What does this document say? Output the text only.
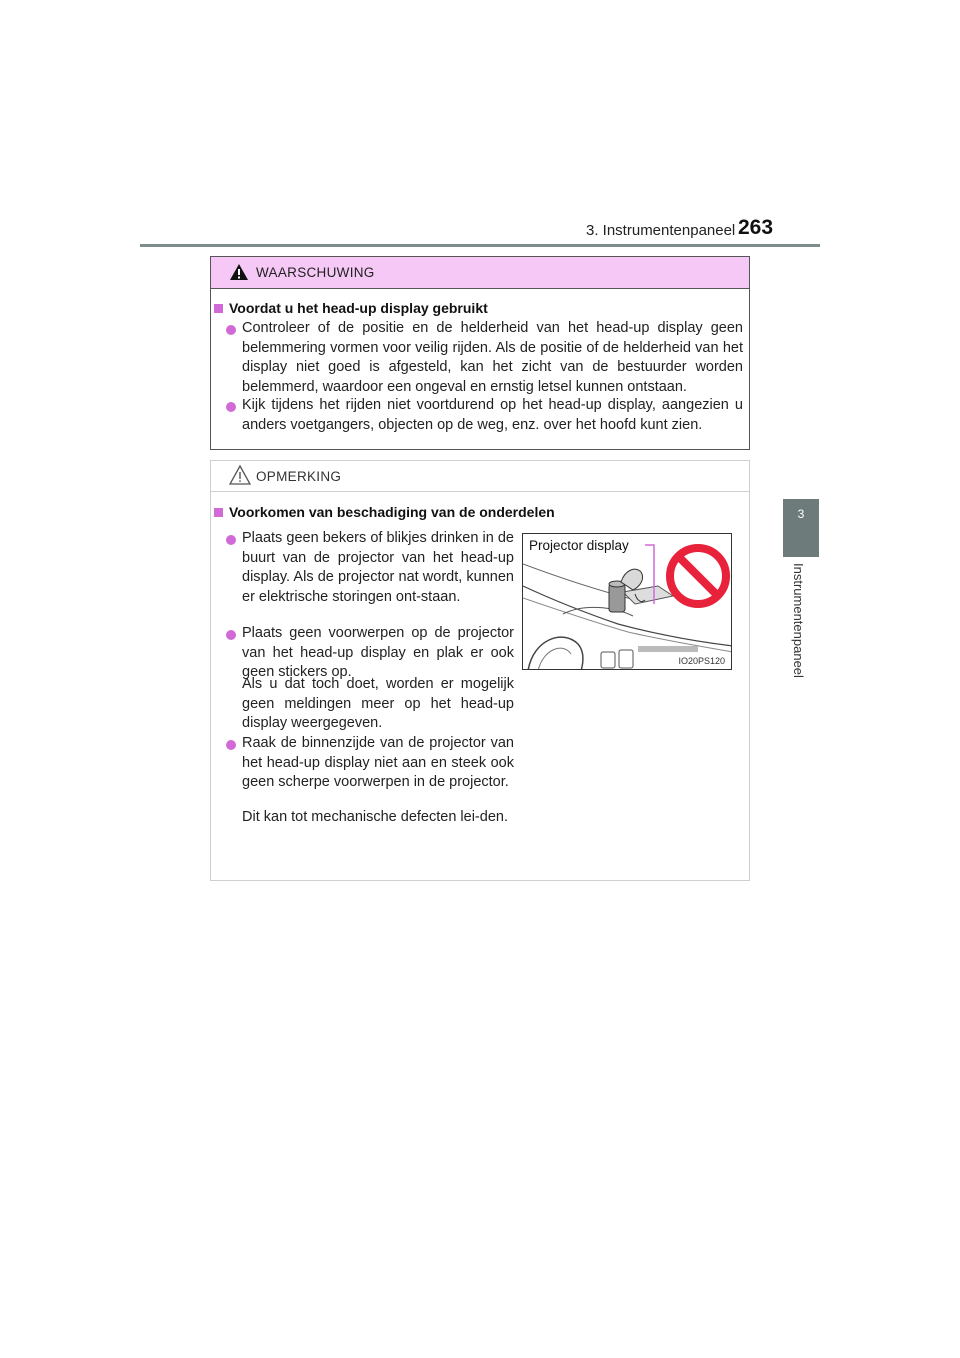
3. Instrumentenpaneel 263
3
Instrumentenpaneel
WAARSCHUWING
Voordat u het head-up display gebruikt
Controleer of de positie en de helderheid van het head-up display geen belemmering vormen voor veilig rijden. Als de positie of de helderheid van het display niet goed is afgesteld, kan het zicht van de bestuurder worden belemmerd, waardoor een ongeval en ernstig letsel kunnen ontstaan.
Kijk tijdens het rijden niet voortdurend op het head-up display, aangezien u anders voetgangers, objecten op de weg, enz. over het hoofd kunt zien.
OPMERKING
Voorkomen van beschadiging van de onderdelen
Plaats geen bekers of blikjes drinken in de buurt van de projector van het head-up display. Als de projector nat wordt, kunnen er elektrische storingen ont-staan.
Plaats geen voorwerpen op de projector van het head-up display en plak er ook geen stickers op.
Als u dat toch doet, worden er mogelijk geen meldingen meer op het head-up display weergegeven.
Raak de binnenzijde van de projector van het head-up display niet aan en steek ook geen scherpe voorwerpen in de projector.
Dit kan tot mechanische defecten lei-den.
Projector display
IO20PS120
